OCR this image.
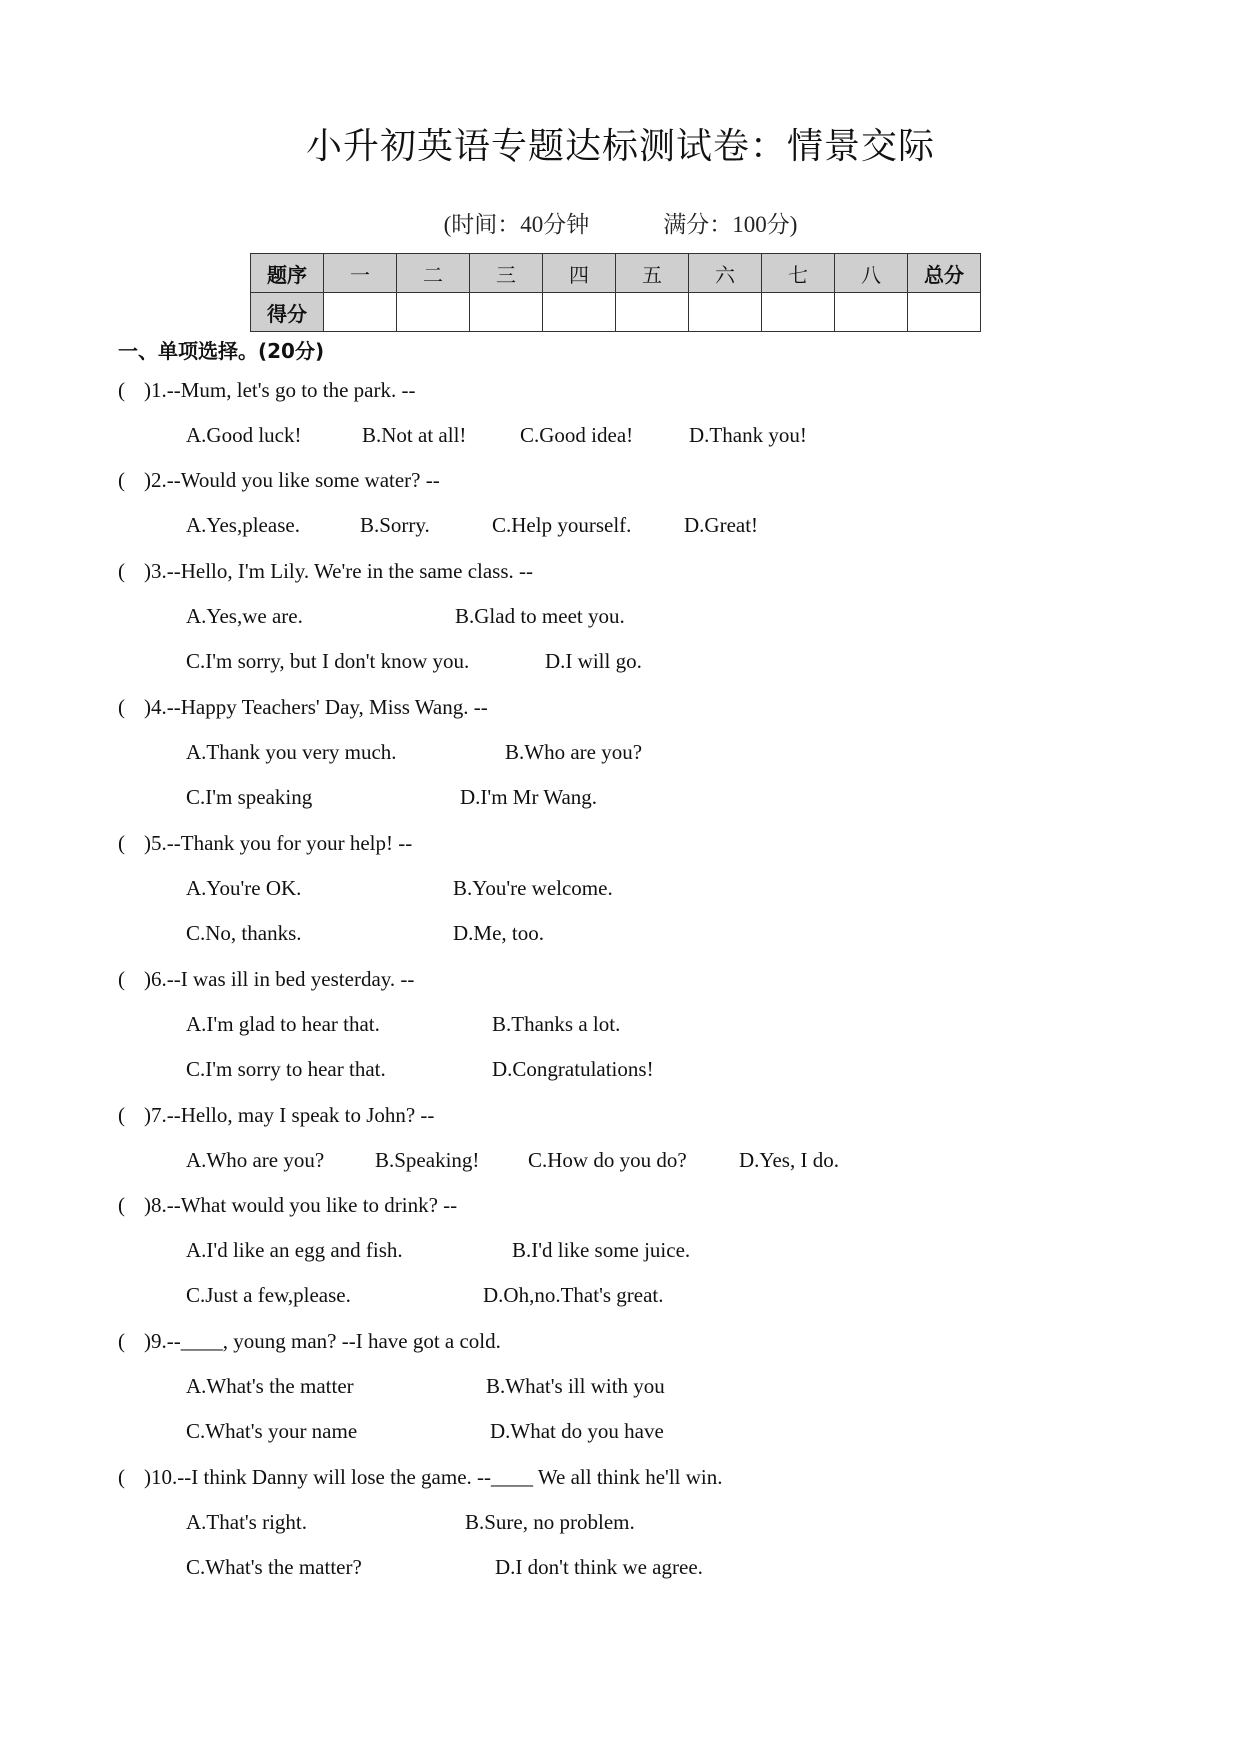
小升初英语专题达标测试卷：情景交际
(时间：40分钟	满分：100分)
题序	一	二	三	四	五	六	七	八	总分
得分									
一、单项选择。(20分)
( )1.--Mum, let's go to the park. --
A.Good luck!	B.Not at all!	C.Good idea!	D.Thank you!
( )2.--Would you like some water? --
A.Yes,please.	B.Sorry.	C.Help yourself.	D.Great!
( )3.--Hello, I'm Lily. We're in the same class. --
A.Yes,we are.	B.Glad to meet you.
C.I'm sorry, but I don't know you.	D.I will go.
( )4.--Happy Teachers' Day, Miss Wang. --
A.Thank you very much.	B.Who are you?
C.I'm speaking	D.I'm Mr Wang.
( )5.--Thank you for your help! --
A.You're OK.	B.You're welcome.
C.No, thanks.	D.Me, too.
( )6.--I was ill in bed yesterday. --
A.I'm glad to hear that.	B.Thanks a lot.
C.I'm sorry to hear that.	D.Congratulations!
( )7.--Hello, may I speak to John? --
A.Who are you? B.Speaking! C.How do you do? D.Yes, I do.
( )8.--What would you like to drink? --
A.I'd like an egg and fish.	B.I'd like some juice.
C.Just a few,please.	D.Oh,no.That's great.
( )9.--____, young man? --I have got a cold.
A.What's the matter	B.What's ill with you
C.What's your name	D.What do you have
( )10.--I think Danny will lose the game. --____ We all think he'll win.
A.That's right.	B.Sure, no problem.
C.What's the matter?	D.I don't think we agree.
